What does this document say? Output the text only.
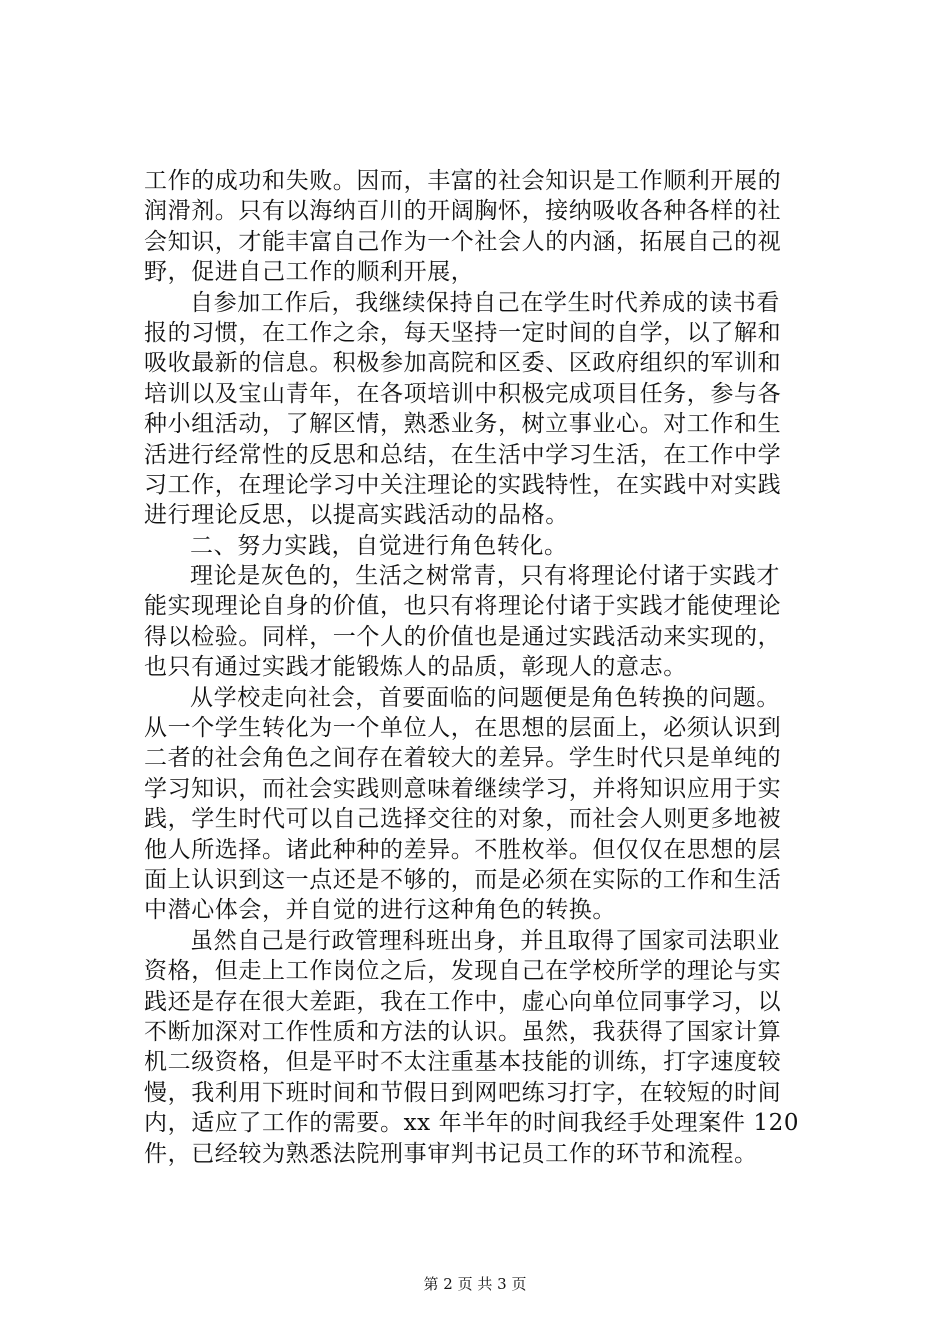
工作的成功和失败。因而，丰富的社会知识是工作顺利开展的
润滑剂。只有以海纳百川的开阔胸怀，接纳吸收各种各样的社
会知识，才能丰富自己作为一个社会人的内涵，拓展自己的视
野，促进自己工作的顺利开展，
自参加工作后，我继续保持自己在学生时代养成的读书看
报的习惯，在工作之余，每天坚持一定时间的自学，以了解和
吸收最新的信息。积极参加高院和区委、区政府组织的军训和
培训以及宝山青年，在各项培训中积极完成项目任务，参与各
种小组活动，了解区情，熟悉业务，树立事业心。对工作和生
活进行经常性的反思和总结，在生活中学习生活，在工作中学
习工作，在理论学习中关注理论的实践特性，在实践中对实践
进行理论反思，以提高实践活动的品格。
二、努力实践，自觉进行角色转化。
理论是灰色的，生活之树常青，只有将理论付诸于实践才
能实现理论自身的价值，也只有将理论付诸于实践才能使理论
得以检验。同样，一个人的价值也是通过实践活动来实现的，
也只有通过实践才能锻炼人的品质，彰现人的意志。
从学校走向社会，首要面临的问题便是角色转换的问题。
从一个学生转化为一个单位人，在思想的层面上，必须认识到
二者的社会角色之间存在着较大的差异。学生时代只是单纯的
学习知识，而社会实践则意味着继续学习，并将知识应用于实
践，学生时代可以自己选择交往的对象，而社会人则更多地被
他人所选择。诸此种种的差异。不胜枚举。但仅仅在思想的层
面上认识到这一点还是不够的，而是必须在实际的工作和生活
中潜心体会，并自觉的进行这种角色的转换。
虽然自己是行政管理科班出身，并且取得了国家司法职业
资格，但走上工作岗位之后，发现自己在学校所学的理论与实
践还是存在很大差距，我在工作中，虚心向单位同事学习，以
不断加深对工作性质和方法的认识。虽然，我获得了国家计算
机二级资格，但是平时不太注重基本技能的训练，打字速度较
慢，我利用下班时间和节假日到网吧练习打字，在较短的时间
内，适应了工作的需要。xx 年半年的时间我经手处理案件 120
件，已经较为熟悉法院刑事审判书记员工作的环节和流程。
第 2 页 共 3 页
